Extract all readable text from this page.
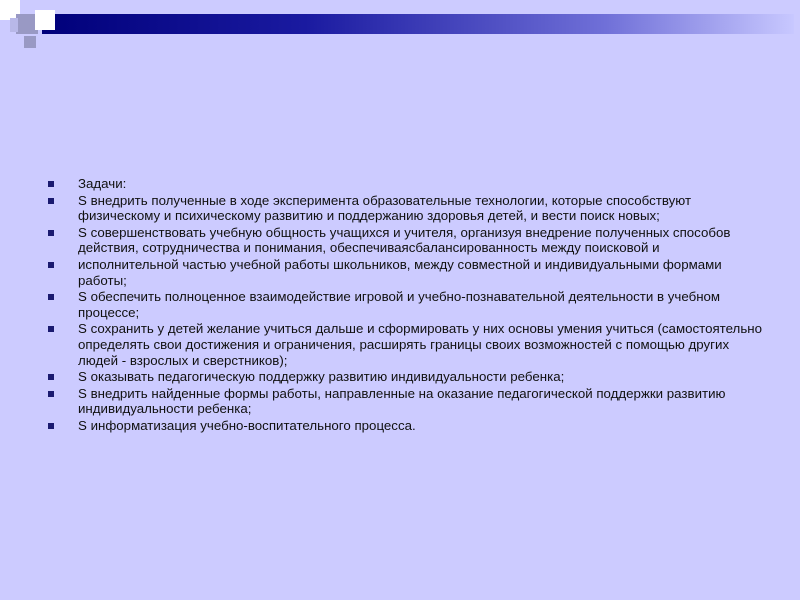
Задачи:
S внедрить полученные в ходе эксперимента образовательные технологии, которые способствуют физическому и психическому развитию и поддержанию здоровья детей, и вести поиск новых;
S совершенствовать учебную общность учащихся и учителя, организуя внедрение полученных способов действия, сотрудничества и понимания, обеспечиваясбалансированность между поисковой и
исполнительной частью учебной работы школьников, между совместной и индивидуальными формами работы;
S обеспечить полноценное взаимодействие игровой и учебно-познавательной деятельности в учебном процессе;
S сохранить у детей желание учиться дальше и сформировать у них основы умения учиться (самостоятельно определять свои достижения и ограничения, расширять границы своих возможностей с помощью других людей - взрослых и сверстников);
S оказывать педагогическую поддержку развитию индивидуальности ребенка;
S внедрить найденные формы работы, направленные на оказание педагогической поддержки развитию индивидуальности ребенка;
S информатизация учебно-воспитательного процесса.
